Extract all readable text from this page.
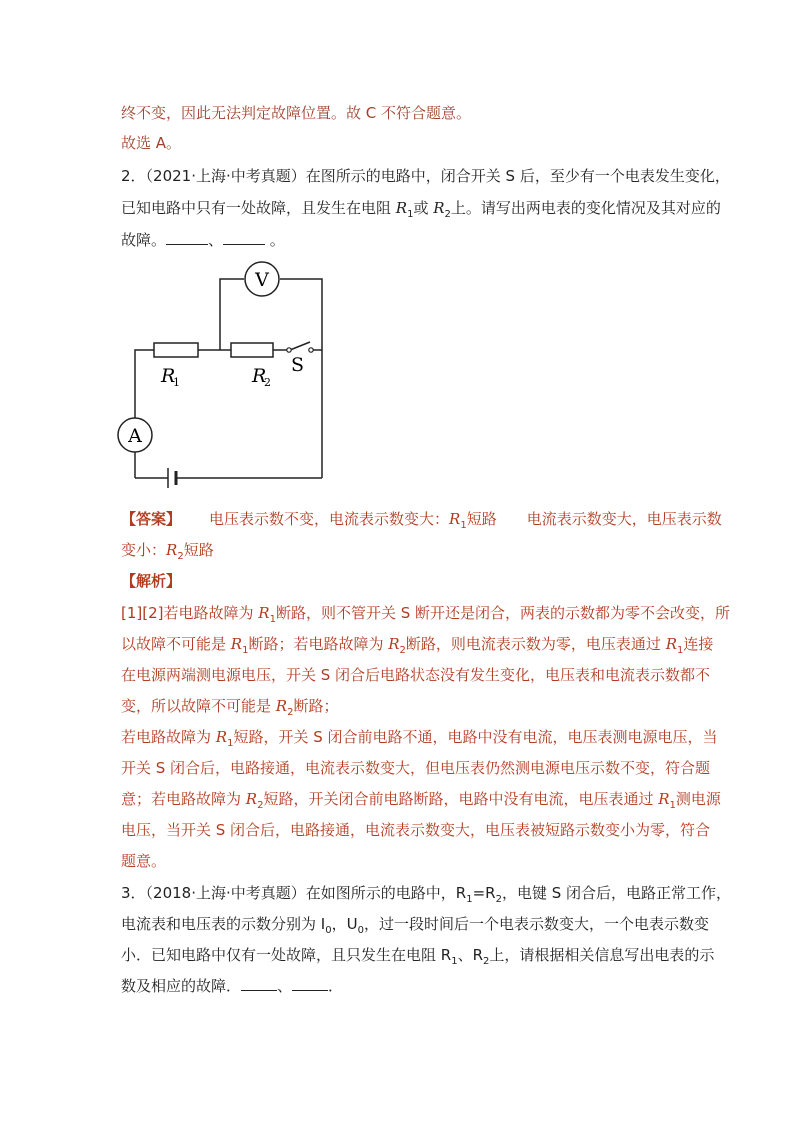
终不变，因此无法判定故障位置。故 C 不符合题意。
故选 A。
2．（2021·上海·中考真题）在图所示的电路中，闭合开关 S 后，至少有一个电表发生变化，
已知电路中只有一处故障，且发生在电阻 $R_1$或 $R_2$上。请写出两电表的变化情况及其对应的
故障。	、	。
V
A
R
1	R
2
S
【答案】 电压表示数不变，电流表示数变大：$R_1$短路 电流表示数变大，电压表示数
变小：$R_2$短路
【解析】
[1][2]若电路故障为 $R_1$断路，则不管开关 S 断开还是闭合，两表的示数都为零不会改变，所
以故障不可能是 $R_1$断路；若电路故障为 $R_2$断路，则电流表示数为零，电压表通过 $R_1$连接
在电源两端测电源电压，开关 S 闭合后电路状态没有发生变化，电压表和电流表示数都不
变，所以故障不可能是 $R_2$断路；
若电路故障为 $R_1$短路，开关 S 闭合前电路不通，电路中没有电流，电压表测电源电压，当
开关 S 闭合后，电路接通，电流表示数变大，但电压表仍然测电源电压示数不变，符合题
意；若电路故障为 $R_2$短路，开关闭合前电路断路，电路中没有电流，电压表通过 $R_1$测电源
电压，当开关 S 闭合后，电路接通，电流表示数变大，电压表被短路示数变小为零，符合
题意。
3．（2018·上海·中考真题）在如图所示的电路中，$R_1=R_2$，电键 S 闭合后，电路正常工作，
电流表和电压表的示数分别为 $I_0$，$U_0$，过一段时间后一个电表示数变大，一个电表示数变
小．已知电路中仅有一处故障，且只发生在电阻 $R_1$、$R_2$上，请根据相关信息写出电表的示
数及相应的故障． 、 ．
